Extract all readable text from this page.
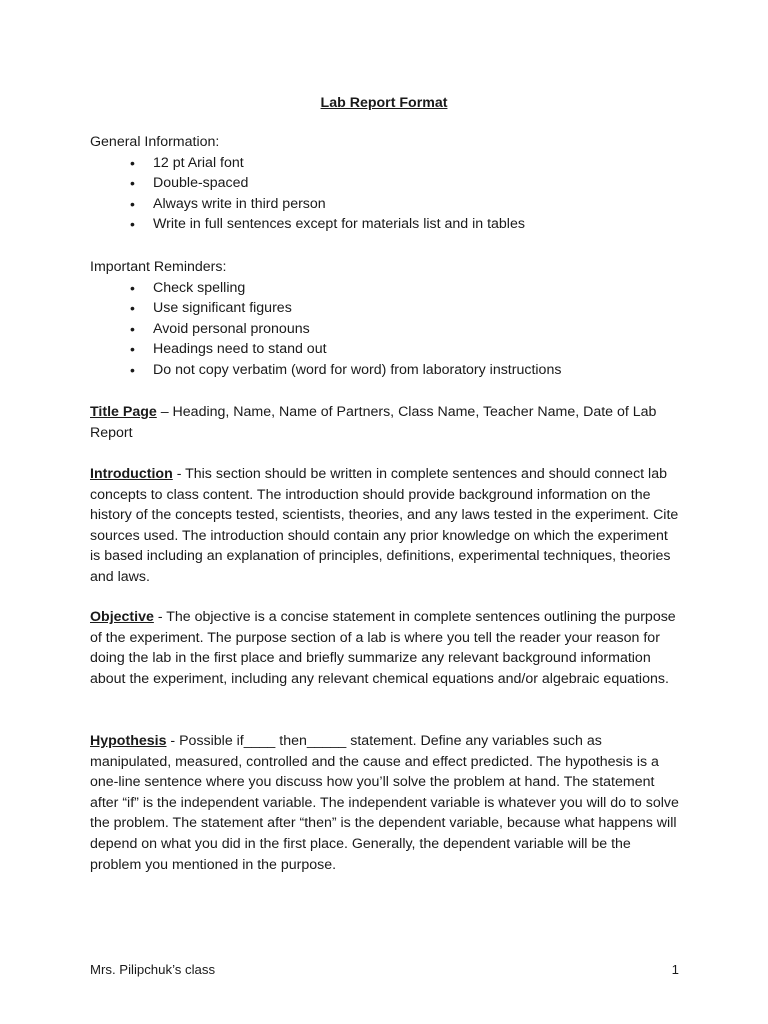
Lab Report Format

General Information:

• 12 pt Arial font
• Double-spaced
• Always write in third person
• Write in full sentences except for materials list and in tables

Important Reminders:

• Check spelling
• Use significant figures
• Avoid personal pronouns
• Headings need to stand out
• Do not copy verbatim (word for word) from laboratory instructions

Title Page – Heading, Name, Name of Partners, Class Name, Teacher Name, Date of Lab Report

Introduction - This section should be written in complete sentences and should connect lab concepts to class content. The introduction should provide background information on the history of the concepts tested, scientists, theories, and any laws tested in the experiment. Cite sources used. The introduction should contain any prior knowledge on which the experiment is based including an explanation of principles, definitions, experimental techniques, theories and laws.

Objective - The objective is a concise statement in complete sentences outlining the purpose of the experiment. The purpose section of a lab is where you tell the reader your reason for doing the lab in the first place and briefly summarize any relevant background information about the experiment, including any relevant chemical equations and/or algebraic equations.

Hypothesis - Possible if____ then_____ statement. Define any variables such as manipulated, measured, controlled and the cause and effect predicted. The hypothesis is a one-line sentence where you discuss how you’ll solve the problem at hand. The statement after “if” is the independent variable. The independent variable is whatever you will do to solve the problem. The statement after “then” is the dependent variable, because what happens will depend on what you did in the first place. Generally, the dependent variable will be the problem you mentioned in the purpose.

Mrs. Pilipchuk’s class	1
